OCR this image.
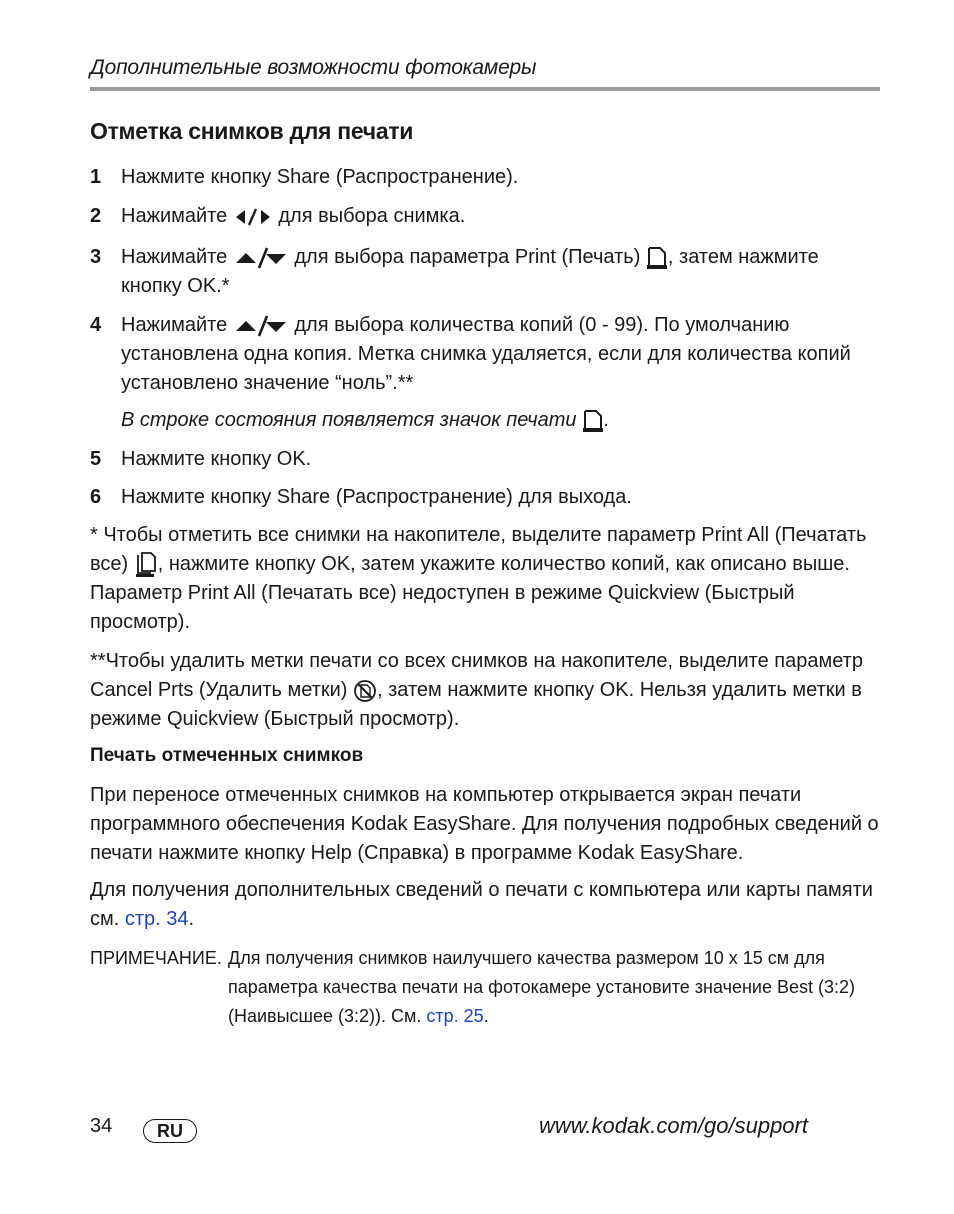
Дополнительные возможности фотокамеры
Отметка снимков для печати
1 Нажмите кнопку Share (Распространение).
2 Нажимайте	для выбора снимка.
3 Нажимайте	для выбора параметра Print (Печать) , затем нажмите кнопку OK.*
4 Нажимайте	для выбора количества копий (0 - 99). По умолчанию установлена одна копия. Метка снимка удаляется, если для количества копий установлено значение “ноль”.**
В строке состояния появляется значок печати .
5 Нажмите кнопку OK.
6 Нажмите кнопку Share (Распространение) для выхода.
* Чтобы отметить все снимки на накопителе, выделите параметр Print All (Печатать все) , нажмите кнопку OK, затем укажите количество копий, как описано выше. Параметр Print All (Печатать все) недоступен в режиме Quickview (Быстрый просмотр).
**Чтобы удалить метки печати со всех снимков на накопителе, выделите параметр Cancel Prts (Удалить метки) , затем нажмите кнопку OK. Нельзя удалить метки в режиме Quickview (Быстрый просмотр).
Печать отмеченных снимков
При переносе отмеченных снимков на компьютер открывается экран печати программного обеспечения Kodak EasyShare. Для получения подробных сведений о печати нажмите кнопку Help (Справка) в программе Kodak EasyShare.
Для получения дополнительных сведений о печати с компьютера или карты памяти см. стр. 34.
ПРИМЕЧАНИЕ. Для получения снимков наилучшего качества размером 10 x 15 см для параметра качества печати на фотокамере установите значение Best (3:2) (Наивысшее (3:2)). См. стр. 25.
34	RU	www.kodak.com/go/support
